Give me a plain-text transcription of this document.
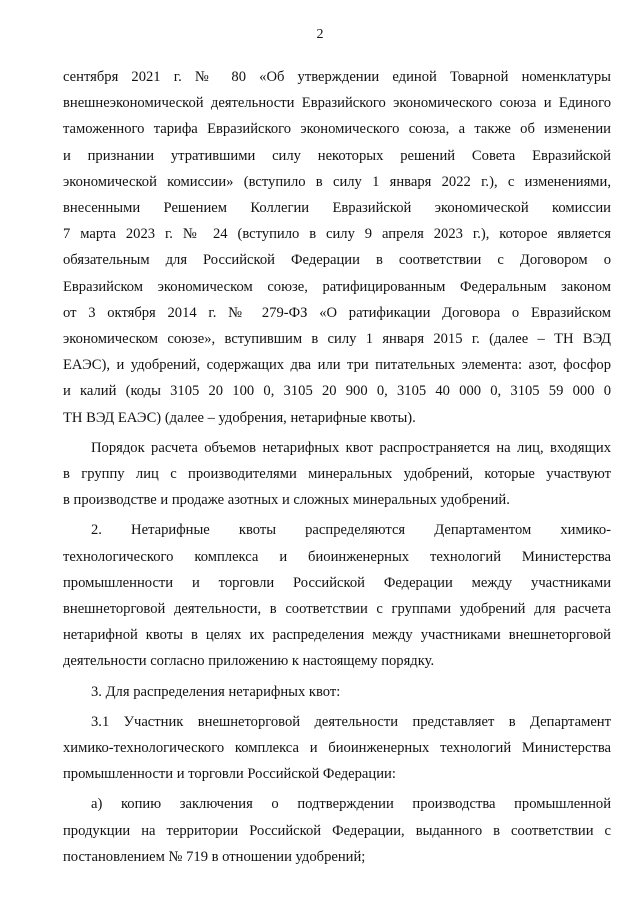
2

сентября 2021 г. № 80 «Об утверждении единой Товарной номенклатуры
внешнеэкономической деятельности Евразийского экономического союза и Единого
таможенного тарифа Евразийского экономического союза, а также об изменении
и признании утратившими силу некоторых решений Совета Евразийской
экономической комиссии» (вступило в силу 1 января 2022 г.), с изменениями,
внесенными Решением Коллегии Евразийской экономической комиссии
7 марта 2023 г. № 24 (вступило в силу 9 апреля 2023 г.), которое является
обязательным для Российской Федерации в соответствии с Договором о
Евразийском экономическом союзе, ратифицированным Федеральным законом
от 3 октября 2014 г. № 279-ФЗ «О ратификации Договора о Евразийском
экономическом союзе», вступившим в силу 1 января 2015 г. (далее – ТН ВЭД
ЕАЭС), и удобрений, содержащих два или три питательных элемента: азот, фосфор
и калий (коды 3105 20 100 0, 3105 20 900 0, 3105 40 000 0, 3105 59 000 0
ТН ВЭД ЕАЭС) (далее – удобрения, нетарифные квоты).

Порядок расчета объемов нетарифных квот распространяется на лиц, входящих
в группу лиц с производителями минеральных удобрений, которые участвуют
в производстве и продаже азотных и сложных минеральных удобрений.

2. Нетарифные квоты распределяются Департаментом химико-
технологического комплекса и биоинженерных технологий Министерства
промышленности и торговли Российской Федерации между участниками
внешнеторговой деятельности, в соответствии с группами удобрений для расчета
нетарифной квоты в целях их распределения между участниками внешнеторговой
деятельности согласно приложению к настоящему порядку.

3. Для распределения нетарифных квот:

3.1 Участник внешнеторговой деятельности представляет в Департамент
химико-технологического комплекса и биоинженерных технологий Министерства
промышленности и торговли Российской Федерации:

а) копию заключения о подтверждении производства промышленной
продукции на территории Российской Федерации, выданного в соответствии с
постановлением № 719 в отношении удобрений;
